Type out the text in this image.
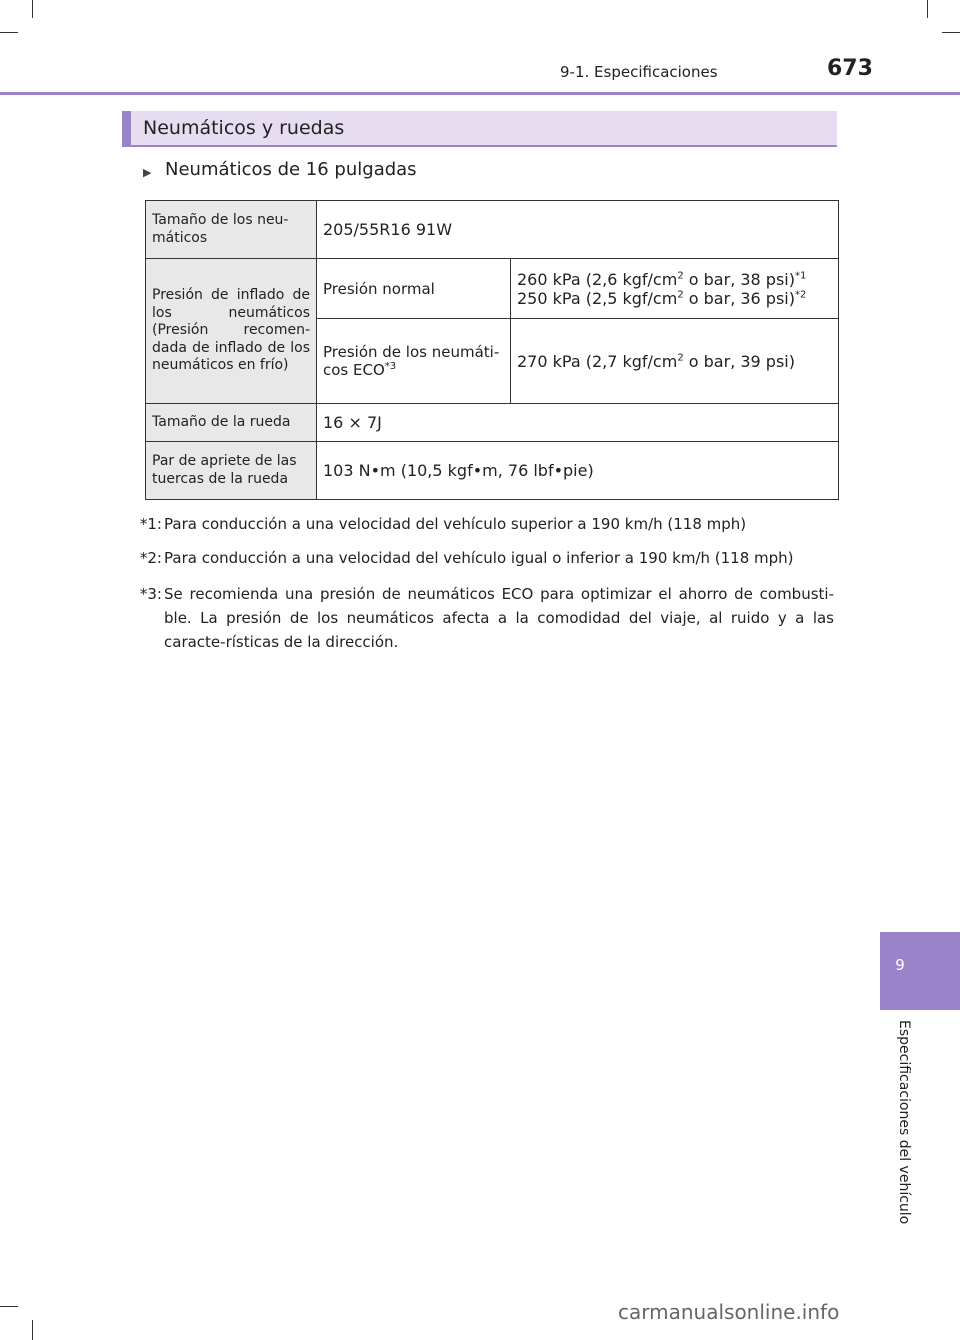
9-1. Especificaciones	673
Neumáticos y ruedas
▶ Neumáticos de 16 pulgadas
Tamaño de los neu-máticos	205/55R16 91W	
Presión de inflado de los neumáticos (Presión recomen-dada de inflado de los neumáticos en frío)	Presión normal	260 kPa (2,6 kgf/$cm^2$ o bar, 38 psi)$^{*1}$
250 kPa (2,5 kgf/$cm^2$ o bar, 36 psi)$^{*2}$

	Presión de los neumáti-cos ECO$^{*3}$	270 kPa (2,7 kgf/$cm^2$ o bar, 39 psi)
Tamaño de la rueda	16 × 7J	
Par de apriete de las tuercas de la rueda	103 N•m (10,5 kgf•m, 76 lbf•pie)	
*1: Para conducción a una velocidad del vehículo superior a 190 km/h (118 mph)
*2: Para conducción a una velocidad del vehículo igual o inferior a 190 km/h (118 mph)
*3: Se recomienda una presión de neumáticos ECO para optimizar el ahorro de combusti-ble. La presión de los neumáticos afecta a la comodidad del viaje, al ruido y a las caracte-rísticas de la dirección.
9
Especificaciones del vehículo
carmanualsonline.info
